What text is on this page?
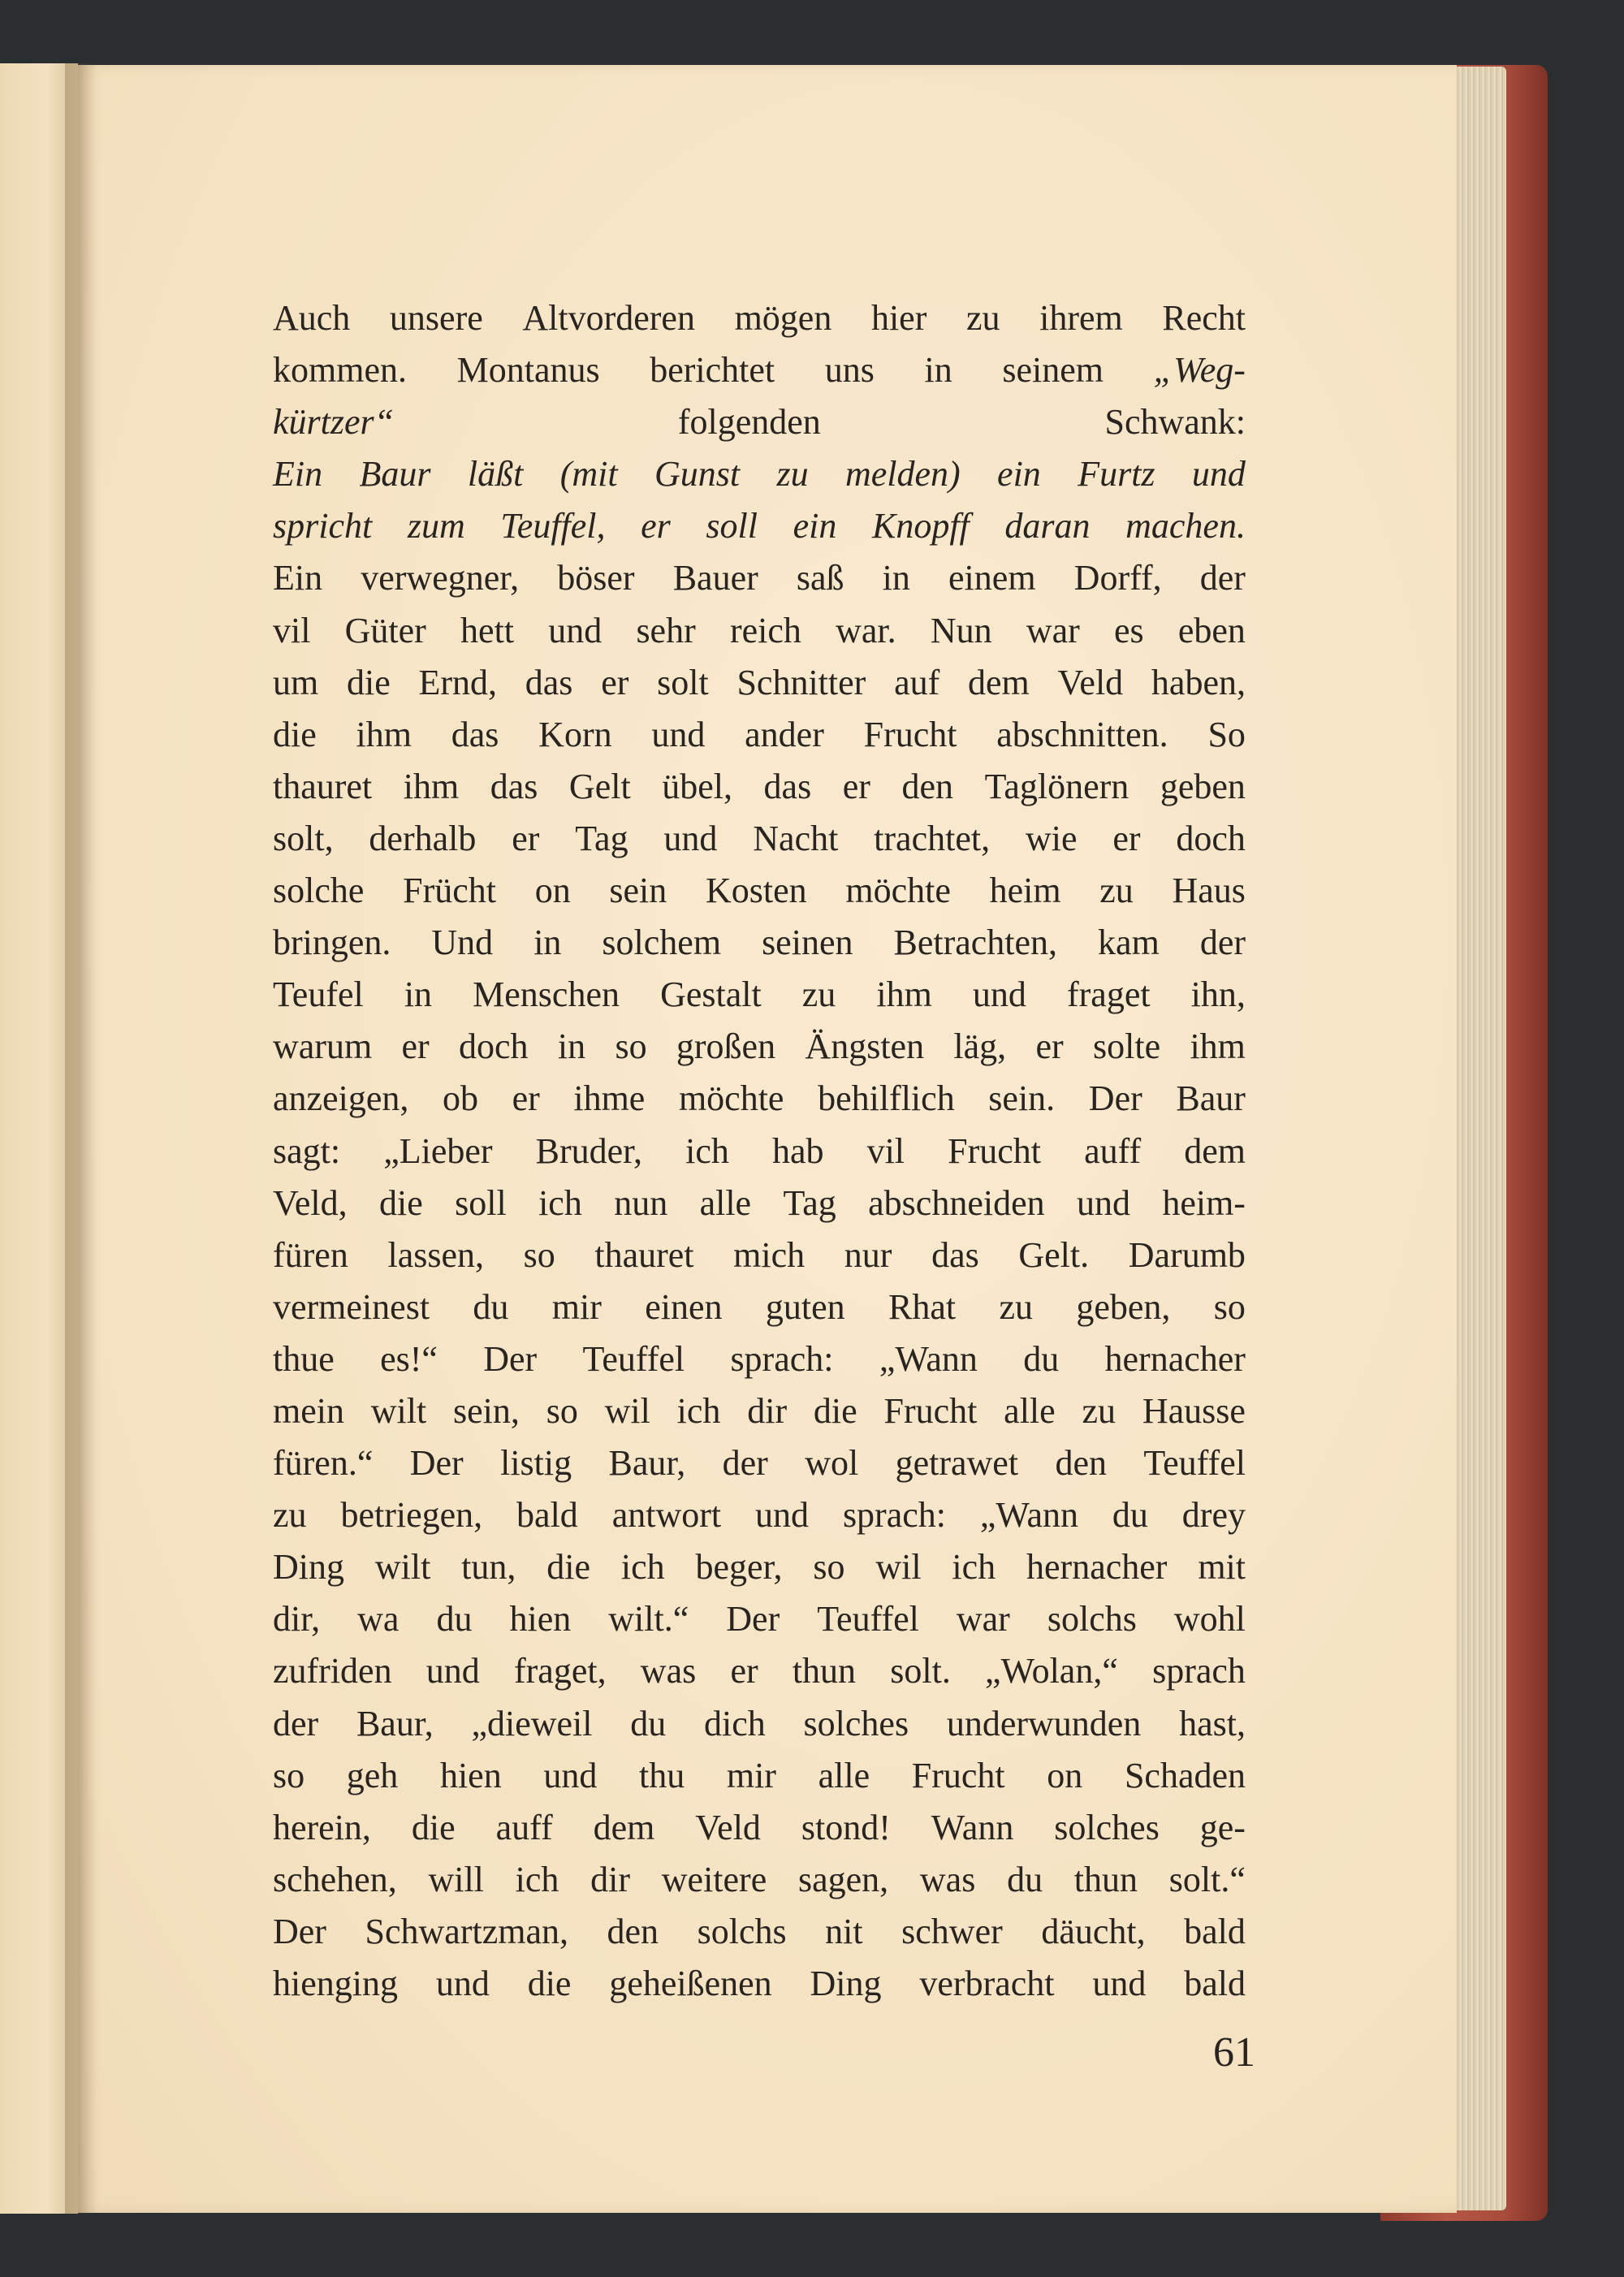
Auch unsere Altvorderen mögen hier zu ihrem Recht
kommen. Montanus berichtet uns in seinem „Weg-
kürtzer“	folgenden	Schwank:
Ein Baur läßt (mit Gunst zu melden) ein Furtz und
spricht zum Teuffel, er soll ein Knopff daran machen.
Ein verwegner, böser Bauer saß in einem Dorff, der
vil Güter hett und sehr reich war. Nun war es eben
um die Ernd, das er solt Schnitter auf dem Veld haben,
die ihm das Korn und ander Frucht abschnitten. So
thauret ihm das Gelt übel, das er den Taglönern geben
solt, derhalb er Tag und Nacht trachtet, wie er doch
solche Frücht on sein Kosten möchte heim zu Haus
bringen. Und in solchem seinen Betrachten, kam der
Teufel in Menschen Gestalt zu ihm und fraget ihn,
warum er doch in so großen Ängsten läg, er solte ihm
anzeigen, ob er ihme möchte behilflich sein. Der Baur
sagt: „Lieber Bruder, ich hab vil Frucht auff dem
Veld, die soll ich nun alle Tag abschneiden und heim-
füren lassen, so thauret mich nur das Gelt. Darumb
vermeinest du mir einen guten Rhat zu geben, so
thue es!“ Der Teuffel sprach: „Wann du hernacher
mein wilt sein, so wil ich dir die Frucht alle zu Hausse
füren.“ Der listig Baur, der wol getrawet den Teuffel
zu betriegen, bald antwort und sprach: „Wann du drey
Ding wilt tun, die ich beger, so wil ich hernacher mit
dir, wa du hien wilt.“ Der Teuffel war solchs wohl
zufriden und fraget, was er thun solt. „Wolan,“ sprach
der Baur, „dieweil du dich solches underwunden hast,
so geh hien und thu mir alle Frucht on Schaden
herein, die auff dem Veld stond! Wann solches ge-
schehen, will ich dir weitere sagen, was du thun solt.“
Der Schwartzman, den solchs nit schwer däucht, bald
hienging und die geheißenen Ding verbracht und bald
61
